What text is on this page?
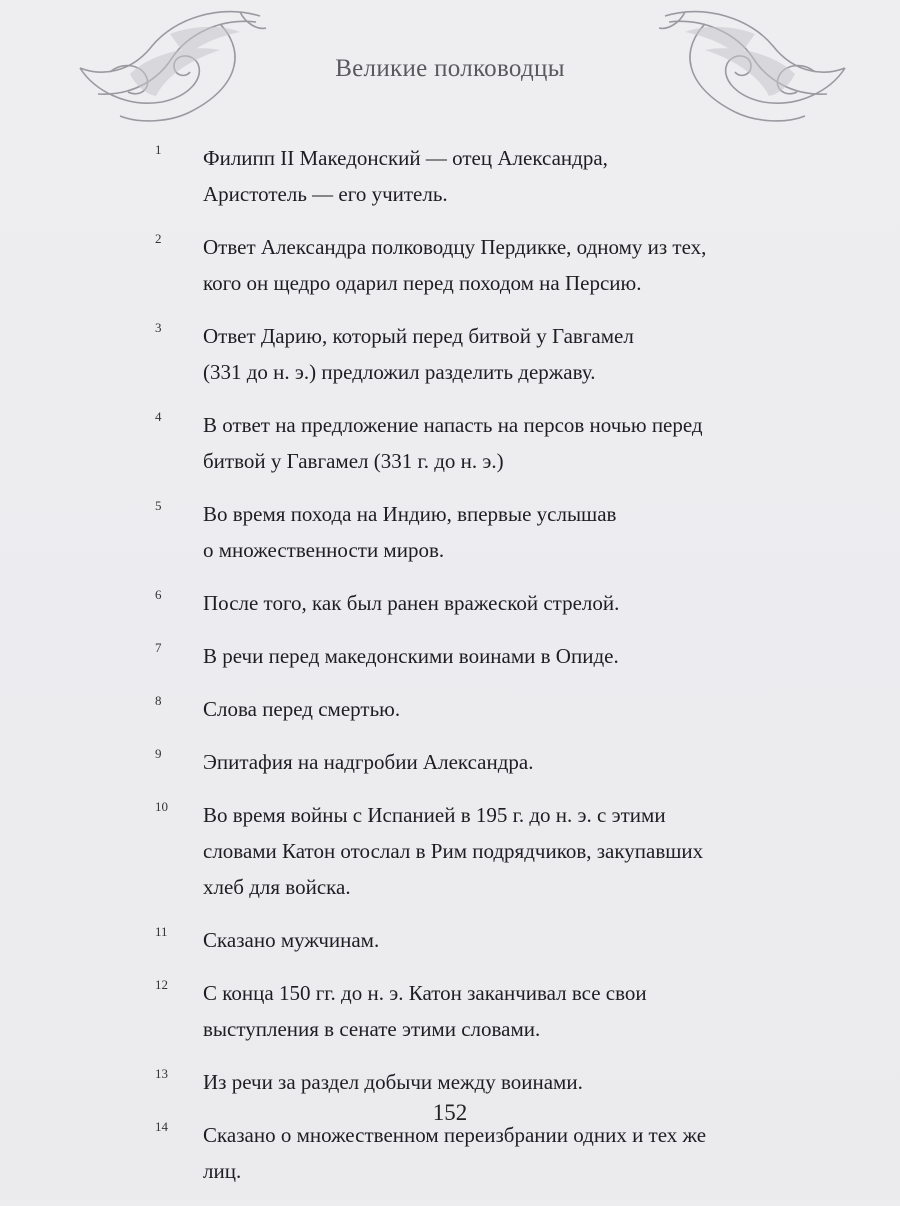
Великие полководцы
1 Филипп II Македонский — отец Александра,
Аристотель — его учитель.
2 Ответ Александра полководцу Пердикке, одному из тех,
кого он щедро одарил перед походом на Персию.
3 Ответ Дарию, который перед битвой у Гавгамел
(331 до н. э.) предложил разделить державу.
4 В ответ на предложение напасть на персов ночью перед
битвой у Гавгамел (331 г. до н. э.)
5 Во время похода на Индию, впервые услышав
о множественности миров.
6 После того, как был ранен вражеской стрелой.
7 В речи перед македонскими воинами в Опиде.
8 Слова перед смертью.
9 Эпитафия на надгробии Александра.
10 Во время войны с Испанией в 195 г. до н. э. с этими
словами Катон отослал в Рим подрядчиков, закупавших
хлеб для войска.
11 Сказано мужчинам.
12 С конца 150 гг. до н. э. Катон заканчивал все свои
выступления в сенате этими словами.
13 Из речи за раздел добычи между воинами.
14 Сказано о множественном переизбрании одних и тех же
лиц.
152
